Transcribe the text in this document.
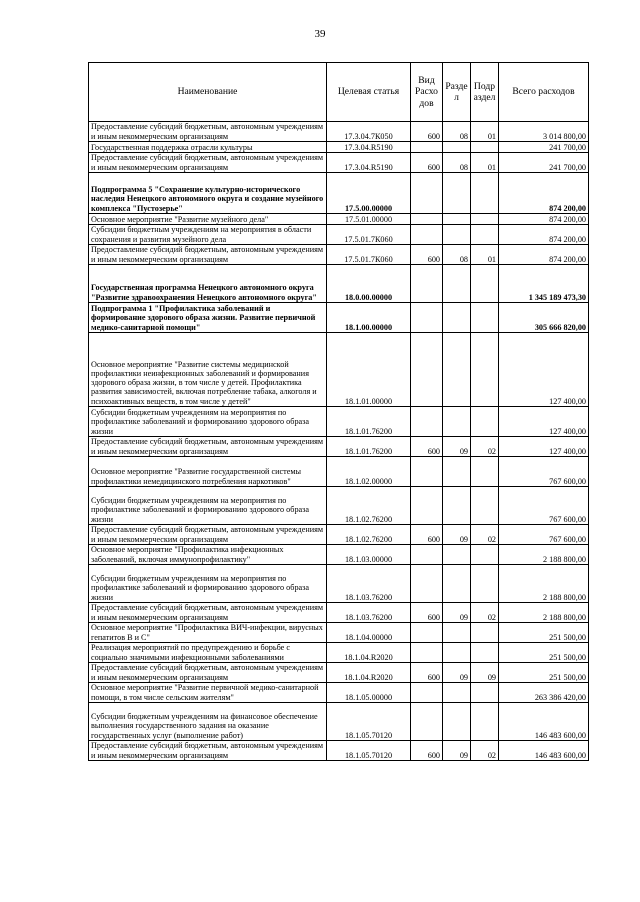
39
Наименование	Целевая статья	Вид Расхо дов	Разде л	Подр аздел	Всего расходов
Предоставление субсидий бюджетным, автономным учреждениям и иным некоммерческим организациям	17.3.04.7К050	600	08	01	3 014 800,00
Государственная поддержка отрасли культуры	17.3.04.R5190				241 700,00
Предоставление субсидий бюджетным, автономным учреждениям и иным некоммерческим организациям	17.3.04.R5190	600	08	01	241 700,00
Подпрограмма 5 "Сохранение культурно-исторического наследия Ненецкого автономного округа и создание музейного комплекса "Пустозерье"	17.5.00.00000				874 200,00
Основное мероприятие "Развитие музейного дела"	17.5.01.00000				874 200,00
Субсидии бюджетным учреждениям на мероприятия в области сохранения и развития музейного дела	17.5.01.7К060				874 200,00
Предоставление субсидий бюджетным, автономным учреждениям и иным некоммерческим организациям	17.5.01.7К060	600	08	01	874 200,00
Государственная программа Ненецкого автономного округа "Развитие здравоохранения Ненецкого автономного округа"	18.0.00.00000				1 345 189 473,30
Подпрограмма 1 "Профилактика заболеваний и формирование здорового образа жизни. Развитие первичной медико-санитарной помощи"	18.1.00.00000				305 666 820,00
Основное мероприятие "Развитие системы медицинской профилактики неинфекционных заболеваний и формирования здорового образа жизни, в том числе у детей. Профилактика развития зависимостей, включая потребление табака, алкоголя и психоактивных веществ, в том числе у детей"	18.1.01.00000				127 400,00
Субсидии бюджетным учреждениям на мероприятия по профилактике заболеваний и формированию здорового образа жизни	18.1.01.76200				127 400,00
Предоставление субсидий бюджетным, автономным учреждениям и иным некоммерческим организациям	18.1.01.76200	600	09	02	127 400,00
Основное мероприятие "Развитие государственной системы профилактики немедицинского потребления наркотиков"	18.1.02.00000				767 600,00
Субсидии бюджетным учреждениям на мероприятия по профилактике заболеваний и формированию здорового образа жизни	18.1.02.76200				767 600,00
Предоставление субсидий бюджетным, автономным учреждениям и иным некоммерческим организациям	18.1.02.76200	600	09	02	767 600,00
Основное мероприятие "Профилактика инфекционных заболеваний, включая иммунопрофилактику"	18.1.03.00000				2 188 800,00
Субсидии бюджетным учреждениям на мероприятия по профилактике заболеваний и формированию здорового образа жизни	18.1.03.76200				2 188 800,00
Предоставление субсидий бюджетным, автономным учреждениям и иным некоммерческим организациям	18.1.03.76200	600	09	02	2 188 800,00
Основное мероприятие "Профилактика ВИЧ-инфекции, вирусных гепатитов В и С"	18.1.04.00000				251 500,00
Реализация мероприятий по предупреждению и борьбе с социально значимыми инфекционными заболеваниями	18.1.04.R2020				251 500,00
Предоставление субсидий бюджетным, автономным учреждениям и иным некоммерческим организациям	18.1.04.R2020	600	09	09	251 500,00
Основное мероприятие "Развитие первичной медико-санитарной помощи, в том числе сельским жителям"	18.1.05.00000				263 386 420,00
Субсидии бюджетным учреждениям на финансовое обеспечение выполнения государственного задания на оказание государственных услуг (выполнение работ)	18.1.05.70120				146 483 600,00
Предоставление субсидий бюджетным, автономным учреждениям и иным некоммерческим организациям	18.1.05.70120	600	09	02	146 483 600,00
